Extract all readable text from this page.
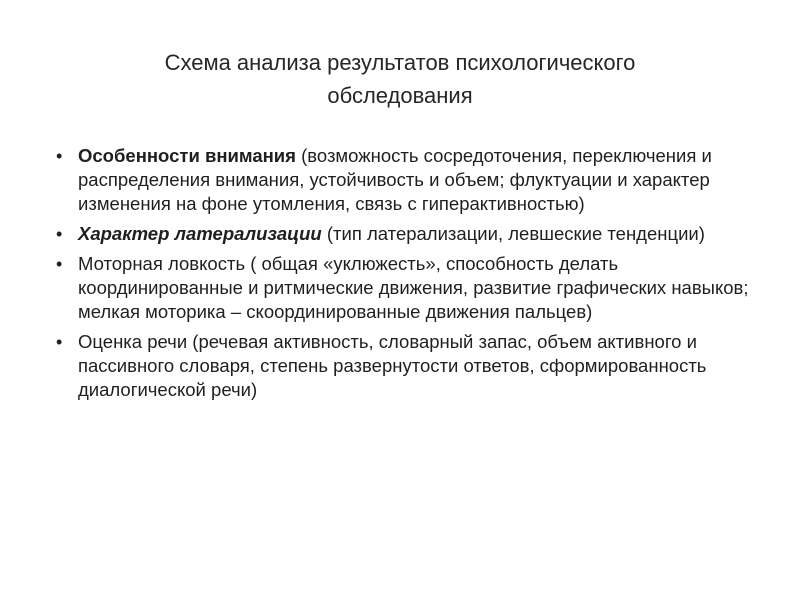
Схема анализа результатов психологического
обследования
• Особенности внимания (возможность сосредоточения, переключения и распределения внимания, устойчивость и объем; флуктуации и характер изменения на фоне утомления, связь с гиперактивностью)
• Характер латерализации (тип латерализации, левшеские тенденции)
• Моторная ловкость ( общая «уклюжесть», способность делать координированные и ритмические движения, развитие графических навыков; мелкая моторика – скоординированные движения пальцев)
• Оценка речи (речевая активность, словарный запас, объем активного и пассивного словаря, степень развернутости ответов, сформированность диалогической речи)
